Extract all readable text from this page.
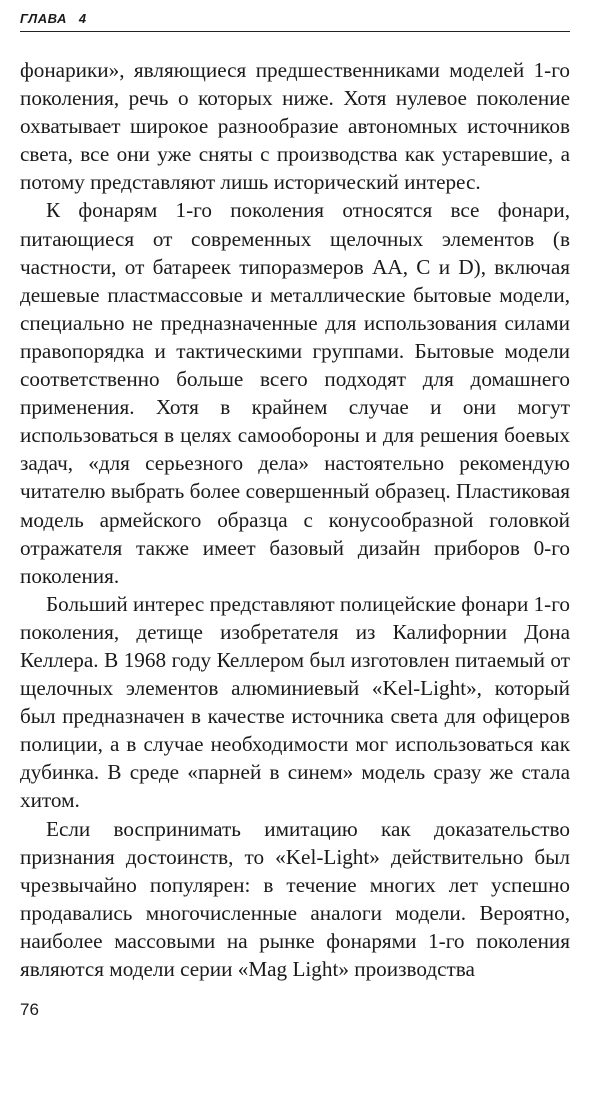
ГЛАВА 4

фонарики», являющиеся предшественниками моделей 1-го поколения, речь о которых ниже. Хотя нулевое поколение охватывает широкое разнообразие автономных источников света, все они уже сняты с производства как устаревшие, а потому представляют лишь исторический интерес.

К фонарям 1-го поколения относятся все фонари, питающиеся от современных щелочных элементов (в частности, от батареек типоразмеров AA, C и D), включая дешевые пластмассовые и металлические бытовые модели, специально не предназначенные для использования силами правопорядка и тактическими группами. Бытовые модели соответственно больше всего подходят для домашнего применения. Хотя в крайнем случае и они могут использоваться в целях самообороны и для решения боевых задач, «для серьезного дела» настоятельно рекомендую читателю выбрать более совершенный образец. Пластиковая модель армейского образца с конусообразной головкой отражателя также имеет базовый дизайн приборов 0-го поколения.

Больший интерес представляют полицейские фонари 1-го поколения, детище изобретателя из Калифорнии Дона Келлера. В 1968 году Келлером был изготовлен питаемый от щелочных элементов алюминиевый «Kel-Light», который был предназначен в качестве источника света для офицеров полиции, а в случае необходимости мог использоваться как дубинка. В среде «парней в синем» модель сразу же стала хитом.

Если воспринимать имитацию как доказательство признания достоинств, то «Kel-Light» действительно был чрезвычайно популярен: в течение многих лет успешно продавались многочисленные аналоги модели. Вероятно, наиболее массовыми на рынке фонарями 1-го поколения являются модели серии «Mag Light» производства

76
